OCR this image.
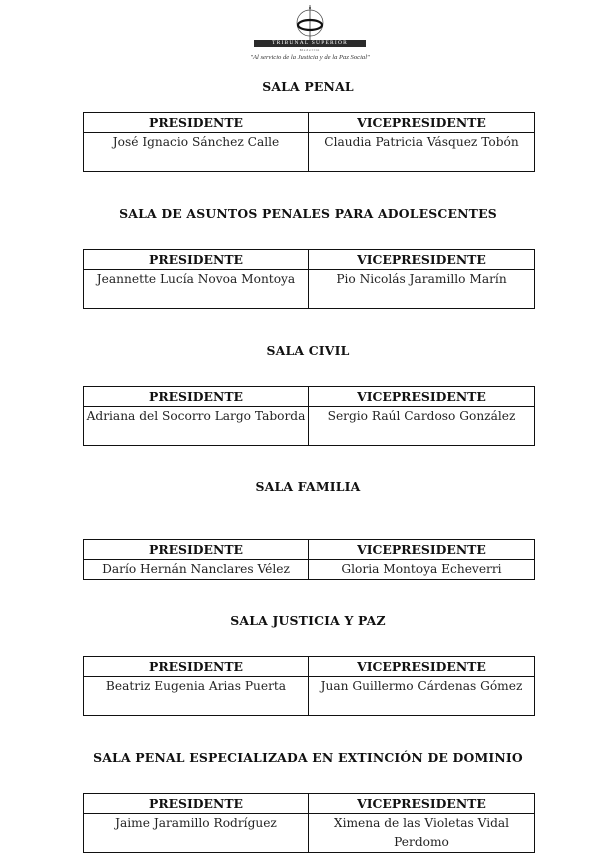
TRIBUNAL SUPERIOR
Medellín
"Al servicio de la Justicia y de la Paz Social"
SALA PENAL
PRESIDENTE	VICEPRESIDENTE
José Ignacio Sánchez Calle	Claudia Patricia Vásquez Tobón
SALA DE ASUNTOS PENALES PARA ADOLESCENTES
PRESIDENTE	VICEPRESIDENTE
Jeannette Lucía Novoa Montoya	Pio Nicolás Jaramillo Marín
SALA CIVIL
PRESIDENTE	VICEPRESIDENTE
Adriana del Socorro Largo Taborda	Sergio Raúl Cardoso González
SALA FAMILIA
PRESIDENTE	VICEPRESIDENTE
Darío Hernán Nanclares Vélez	Gloria Montoya Echeverri
SALA JUSTICIA Y PAZ
PRESIDENTE	VICEPRESIDENTE
Beatriz Eugenia Arias Puerta	Juan Guillermo Cárdenas Gómez
SALA PENAL ESPECIALIZADA EN EXTINCIÓN DE DOMINIO
PRESIDENTE	VICEPRESIDENTE
Jaime Jaramillo Rodríguez	Ximena de las Violetas Vidal Perdomo
